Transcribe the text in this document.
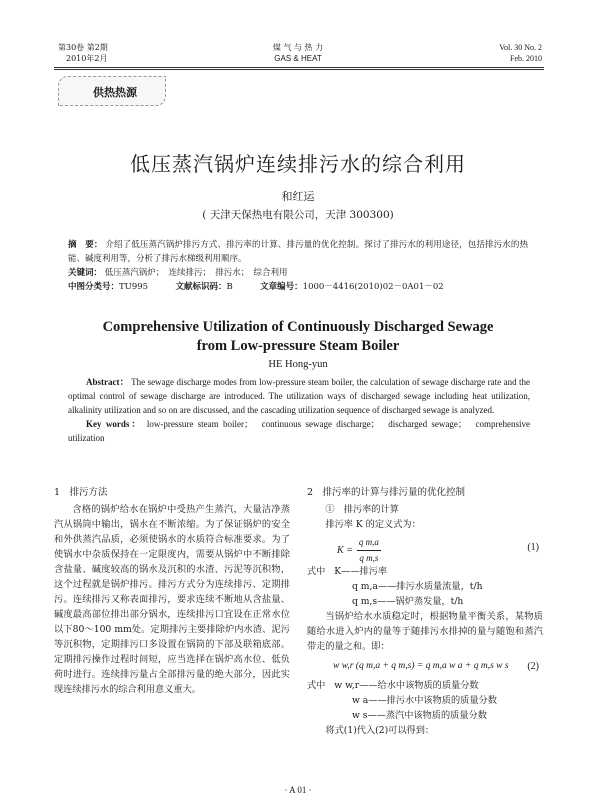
第30卷 第2期
2010年2月
煤 气 与 热 力
GAS & HEAT
Vol. 30 No. 2
Feb. 2010
供热热源
低压蒸汽锅炉连续排污水的综合利用
和红运
( 天津天保热电有限公司，天津 300300)
摘　要： 介绍了低压蒸汽锅炉排污方式、排污率的计算、排污量的优化控制。探讨了排污水的利用途径，包括排污水的热能、碱度利用等，分析了排污水梯级利用顺序。
关键词： 低压蒸汽锅炉；　连续排污；　排污水；　综合利用
中图分类号：TU995	文献标识码：B	文章编号：1000－4416(2010)02－0A01－02
Comprehensive Utilization of Continuously Discharged Sewage
from Low-pressure Steam Boiler
HE Hong-yun
Abstract： The sewage discharge modes from low-pressure steam boiler, the calculation of sewage discharge rate and the optimal control of sewage discharge are introduced. The utilization ways of discharged sewage including heat utilization, alkalinity utilization and so on are discussed, and the cascading utilization sequence of discharged sewage is analyzed.
Key words： low-pressure steam boiler；　continuous sewage discharge；　discharged sewage；　comprehensive utilization
1　排污方法

含格的锅炉给水在锅炉中受热产生蒸汽，大量洁净蒸汽从锅筒中输出，锅水在不断浓缩。为了保证锅炉的安全和外供蒸汽品质，必须使锅水的水质符合标准要求。为了使锅水中杂质保持在一定限度内，需要从锅炉中不断排除含盐量、碱度较高的锅水及沉积的水渣、污泥等沉积物，这个过程就是锅炉排污。排污方式分为连续排污、定期排污。连续排污又称表面排污，要求连续不断地从含盐量、碱度最高部位排出部分锅水，连续排污口宜设在正常水位以下80～100 mm处。定期排污主要排除炉内水渣、泥污等沉积物，定期排污口多设置在锅筒的下部及联箱底部。定期排污操作过程时间短，应当选择在锅炉高水位、低负荷时进行。连续排污量占全部排污量的绝大部分，因此实现连续排污水的综合利用意义重大。

2　排污率的计算与排污量的优化控制
①　排污率的计算
排污率 K 的定义式为：
$K = \frac{\text{q m,a}}{\text{q m,s}}$	(1)
式中 K——排污率
q m,a——排污水质量流量，t/h
q m,s——锅炉蒸发量，t/h

当锅炉给水水质稳定时，根据物量平衡关系，某物质随给水进入炉内的量等于随排污水排掉的量与随饱和蒸汽带走的量之和。即：

w w,r (q m,a + q m,s) = q m,a w a + q m,s w s (2)
式中 w w,r——给水中该物质的质量分数
w a——排污水中该物质的质量分数
w s——蒸汽中该物质的质量分数
将式(1)代入(2)可以得到：
· A 01 ·
